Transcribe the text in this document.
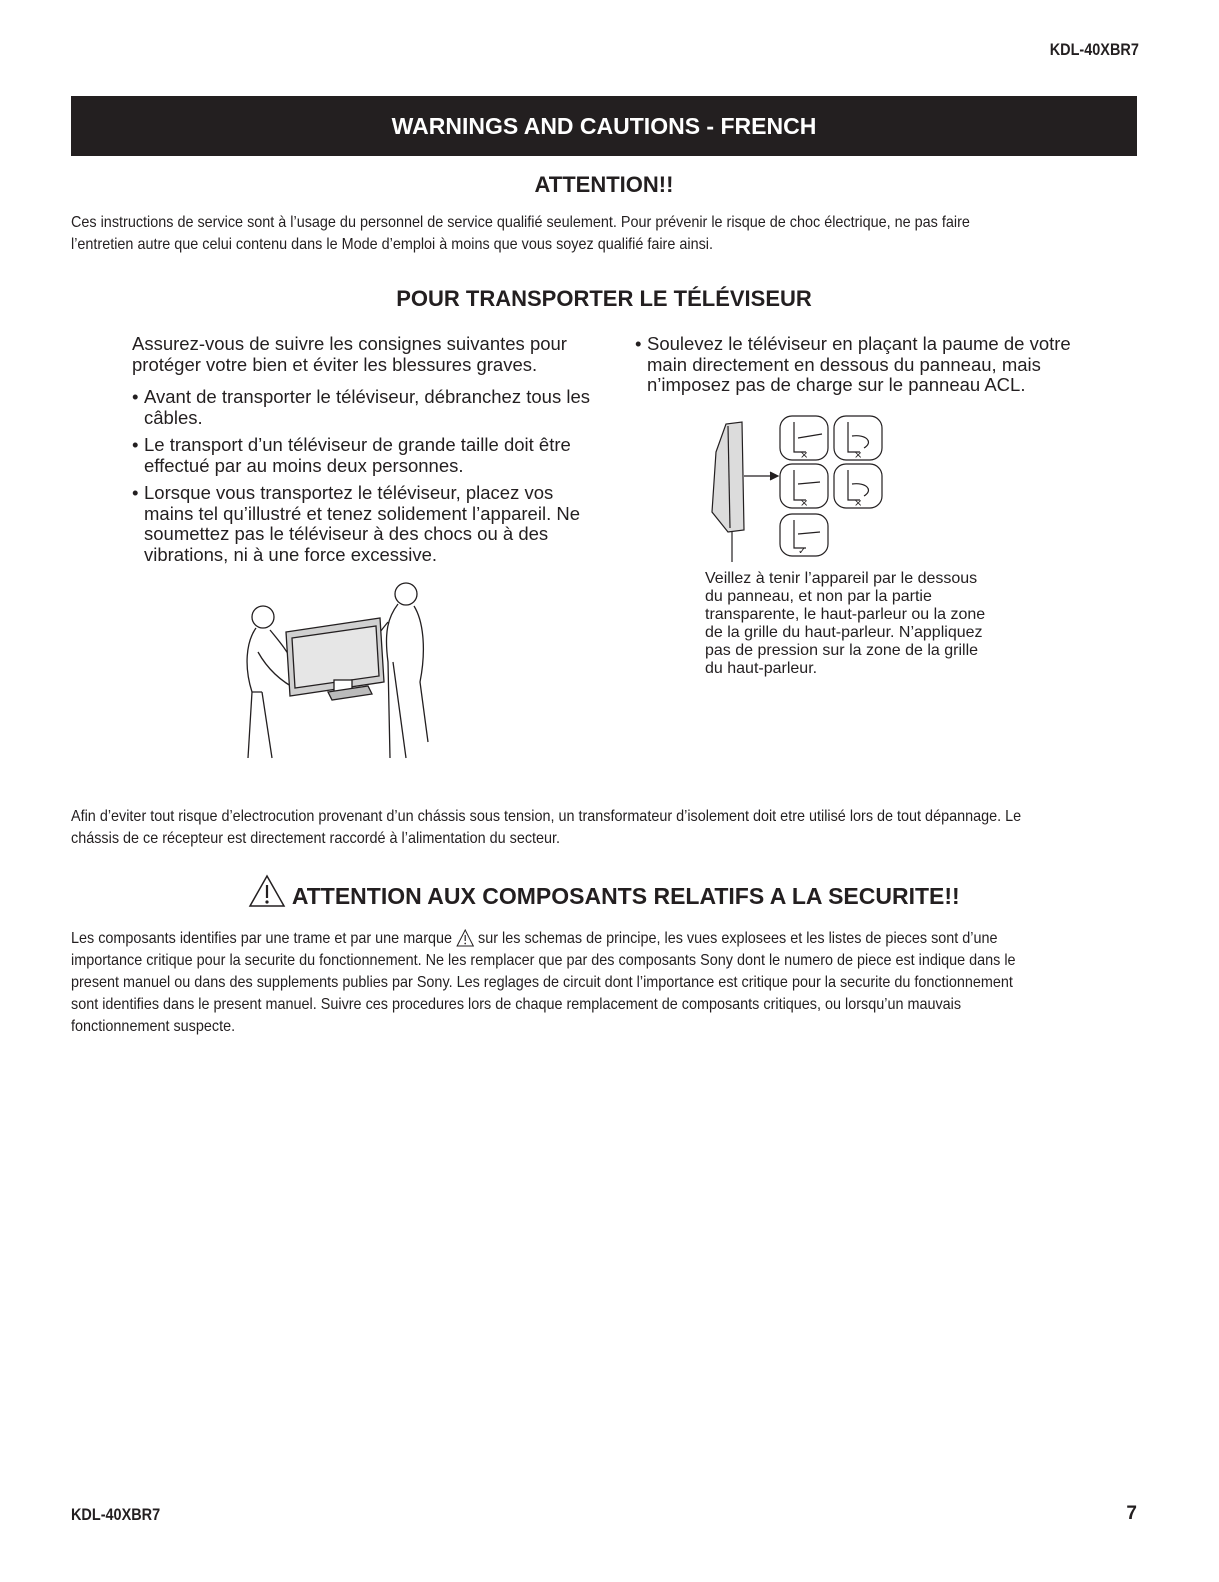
KDL-40XBR7
WARNINGS AND CAUTIONS - FRENCH
ATTENTION!!
Ces instructions de service sont à l’usage du personnel de service qualifié seulement. Pour prévenir le risque de choc électrique, ne pas faire
l’entretien autre que celui contenu dans le Mode d’emploi à moins que vous soyez qualifié faire ainsi.
POUR TRANSPORTER LE TÉLÉVISEUR
Assurez-vous de suivre les consignes suivantes pour protéger votre bien et éviter les blessures graves.
• Avant de transporter le téléviseur, débranchez tous les câbles.
• Le transport d’un téléviseur de grande taille doit être effectué par au moins deux personnes.
• Lorsque vous transportez le téléviseur, placez vos mains tel qu’illustré et tenez solidement l’appareil. Ne soumettez pas le téléviseur à des chocs ou à des vibrations, ni à une force excessive.
• Soulevez le téléviseur en plaçant la paume de votre main directement en dessous du panneau, mais n’imposez pas de charge sur le panneau ACL.
×	×
×	×
✓
Veillez à tenir l’appareil par le dessous du panneau, et non par la partie transparente, le haut-parleur ou la zone de la grille du haut-parleur. N’appliquez pas de pression sur la zone de la grille du haut-parleur.
Afin d’eviter tout risque d’electrocution provenant d’un chássis sous tension, un transformateur d’isolement doit etre utilisé lors de tout dépannage. Le
chássis de ce récepteur est directement raccordé à l’alimentation du secteur.
ATTENTION AUX COMPOSANTS RELATIFS A LA SECURITE!!
Les composants identifies par une trame et par une marque sur les schemas de principe, les vues explosees et les listes de pieces sont d’une
importance critique pour la securite du fonctionnement. Ne les remplacer que par des composants Sony dont le numero de piece est indique dans le
present manuel ou dans des supplements publies par Sony. Les reglages de circuit dont l’importance est critique pour la securite du fonctionnement
sont identifies dans le present manuel. Suivre ces procedures lors de chaque remplacement de composants critiques, ou lorsqu’un mauvais
fonctionnement suspecte.
KDL-40XBR7	7
